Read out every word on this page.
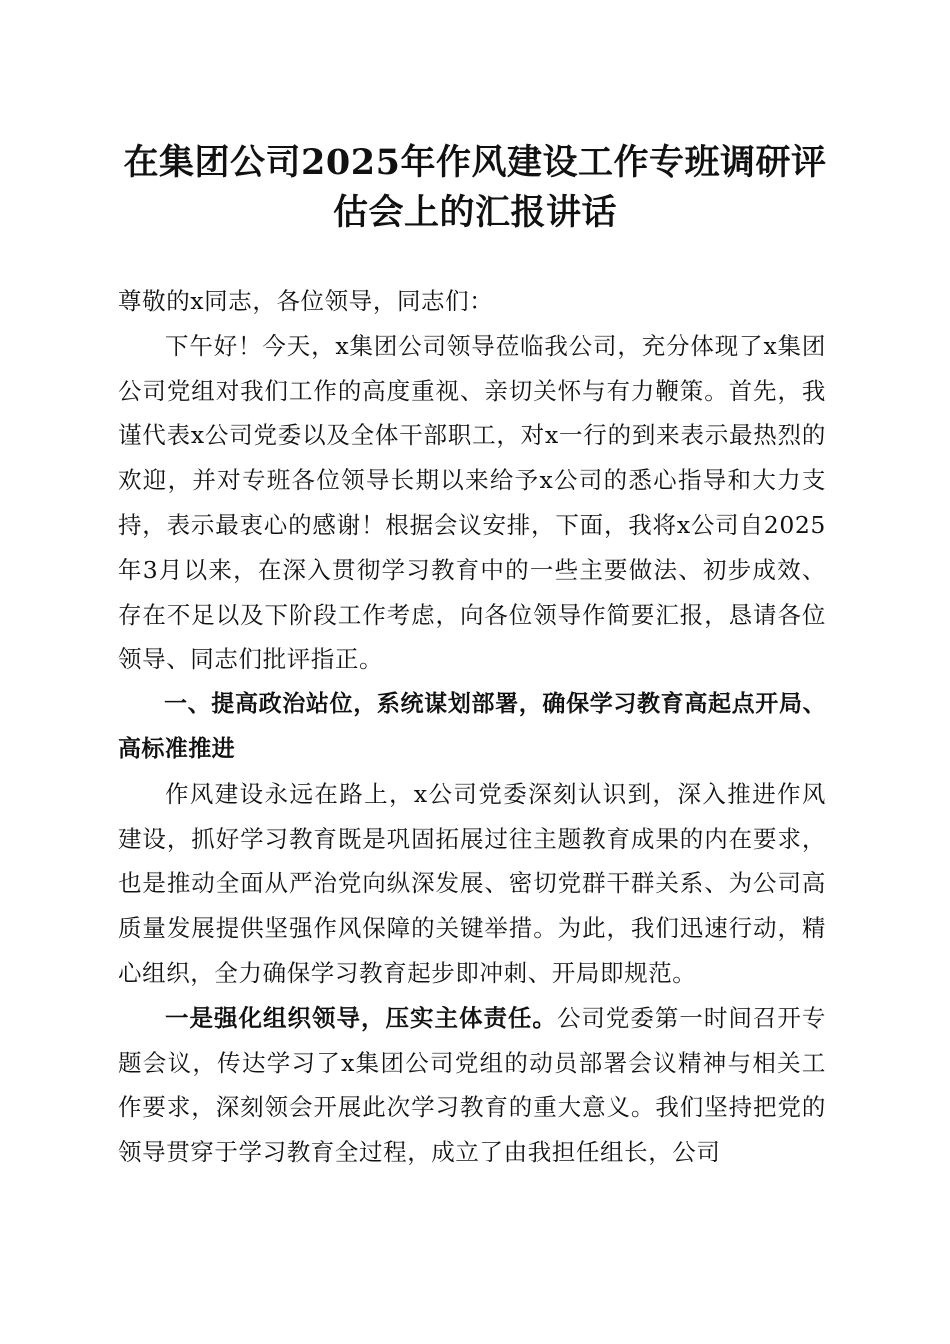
在集团公司2025年作风建设工作专班调研评估会上的汇报讲话

尊敬的x同志，各位领导，同志们：

下午好！今天，x集团公司领导莅临我公司，充分体现了x集团公司党组对我们工作的高度重视、亲切关怀与有力鞭策。首先，我谨代表x公司党委以及全体干部职工，对x一行的到来表示最热烈的欢迎，并对专班各位领导长期以来给予x公司的悉心指导和大力支持，表示最衷心的感谢！根据会议安排，下面，我将x公司自2025年3月以来，在深入贯彻学习教育中的一些主要做法、初步成效、存在不足以及下阶段工作考虑，向各位领导作简要汇报，恳请各位领导、同志们批评指正。

一、提高政治站位，系统谋划部署，确保学习教育高起点开局、高标准推进

作风建设永远在路上，x公司党委深刻认识到，深入推进作风建设，抓好学习教育既是巩固拓展过往主题教育成果的内在要求，也是推动全面从严治党向纵深发展、密切党群干群关系、为公司高质量发展提供坚强作风保障的关键举措。为此，我们迅速行动，精心组织，全力确保学习教育起步即冲刺、开局即规范。

一是强化组织领导，压实主体责任。公司党委第一时间召开专题会议，传达学习了x集团公司党组的动员部署会议精神与相关工作要求，深刻领会开展此次学习教育的重大意义。我们坚持把党的领导贯穿于学习教育全过程，成立了由我担任组长，公司
